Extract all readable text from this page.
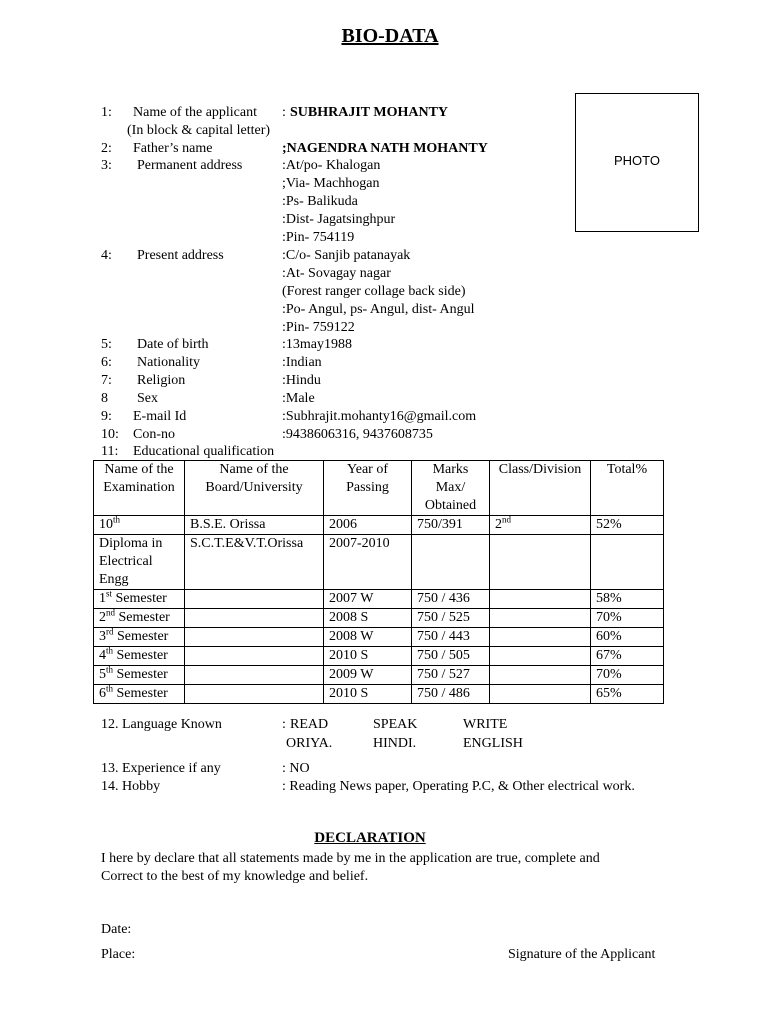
BIO-DATA
PHOTO
1: Name of the applicant : SUBHRAJIT MOHANTY
(In block & capital letter)
2: Father’s name	;NAGENDRA NATH MOHANTY
3: Permanent address	:At/po- Khalogan
;Via- Machhogan
:Ps- Balikuda
:Dist- Jagatsinghpur
:Pin- 754119
4: Present address	:C/o- Sanjib patanayak
:At- Sovagay nagar
(Forest ranger collage back side)
:Po- Angul, ps- Angul, dist- Angul
:Pin- 759122
5: Date of birth	:13may1988
6: Nationality	:Indian
7: Religion	:Hindu
8 Sex	:Male
9: E-mail Id	:Subhrajit.mohanty16@gmail.com
10: Con-no	:9438606316, 9437608735
11: Educational qualification
Name of the Examination	Name of the Board/University	Year of Passing	Marks Max/ Obtained	Class/Division	Total%
10th	B.S.E. Orissa	2006	750/391	2nd	52%
Diploma in Electrical Engg	S.C.T.E&V.T.Orissa	2007-2010			
1st Semester		2007 W	750 / 436		58%
2nd Semester		2008 S	750 / 525		70%
3rd Semester		2008 W	750 / 443		60%
4th Semester		2010 S	750 / 505		67%
5th Semester		2009 W	750 / 527		70%
6th Semester		2010 S	750 / 486		65%
12. Language Known	: READ	SPEAK	WRITE
ORIYA.	HINDI.	ENGLISH
13. Experience if any	: NO
14. Hobby	: Reading News paper, Operating P.C, & Other electrical work.
DECLARATION
I here by declare that all statements made by me in the application are true, complete and
Correct to the best of my knowledge and belief.
Date:
Place:	Signature of the Applicant
